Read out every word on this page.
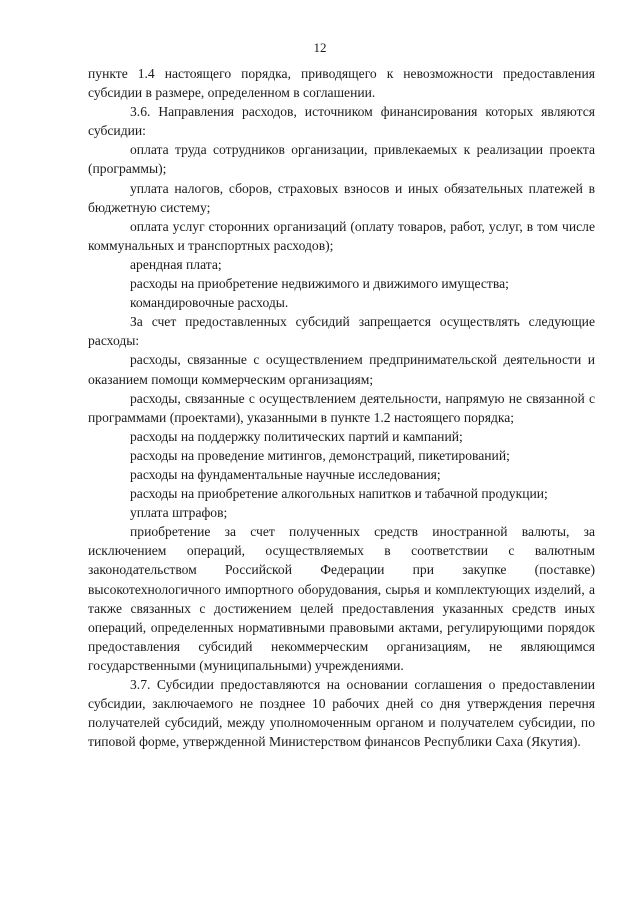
12

пункте 1.4 настоящего порядка, приводящего к невозможности предоставления субсидии в размере, определенном в соглашении.

3.6. Направления расходов, источником финансирования которых являются субсидии:

оплата труда сотрудников организации, привлекаемых к реализации проекта (программы);

уплата налогов, сборов, страховых взносов и иных обязательных платежей в бюджетную систему;

оплата услуг сторонних организаций (оплату товаров, работ, услуг, в том числе коммунальных и транспортных расходов);

арендная плата;

расходы на приобретение недвижимого и движимого имущества;

командировочные расходы.

За счет предоставленных субсидий запрещается осуществлять следующие расходы:

расходы, связанные с осуществлением предпринимательской деятельности и оказанием помощи коммерческим организациям;

расходы, связанные с осуществлением деятельности, напрямую не связанной с программами (проектами), указанными в пункте 1.2 настоящего порядка;

расходы на поддержку политических партий и кампаний;

расходы на проведение митингов, демонстраций, пикетирований;

расходы на фундаментальные научные исследования;

расходы на приобретение алкогольных напитков и табачной продукции;

уплата штрафов;

приобретение за счет полученных средств иностранной валюты, за исключением операций, осуществляемых в соответствии с валютным законодательством Российской Федерации при закупке (поставке) высокотехнологичного импортного оборудования, сырья и комплектующих изделий, а также связанных с достижением целей предоставления указанных средств иных операций, определенных нормативными правовыми актами, регулирующими порядок предоставления субсидий некоммерческим организациям, не являющимся государственными (муниципальными) учреждениями.

3.7. Субсидии предоставляются на основании соглашения о предоставлении субсидии, заключаемого не позднее 10 рабочих дней со дня утверждения перечня получателей субсидий, между уполномоченным органом и получателем субсидии, по типовой форме, утвержденной Министерством финансов Республики Саха (Якутия).
